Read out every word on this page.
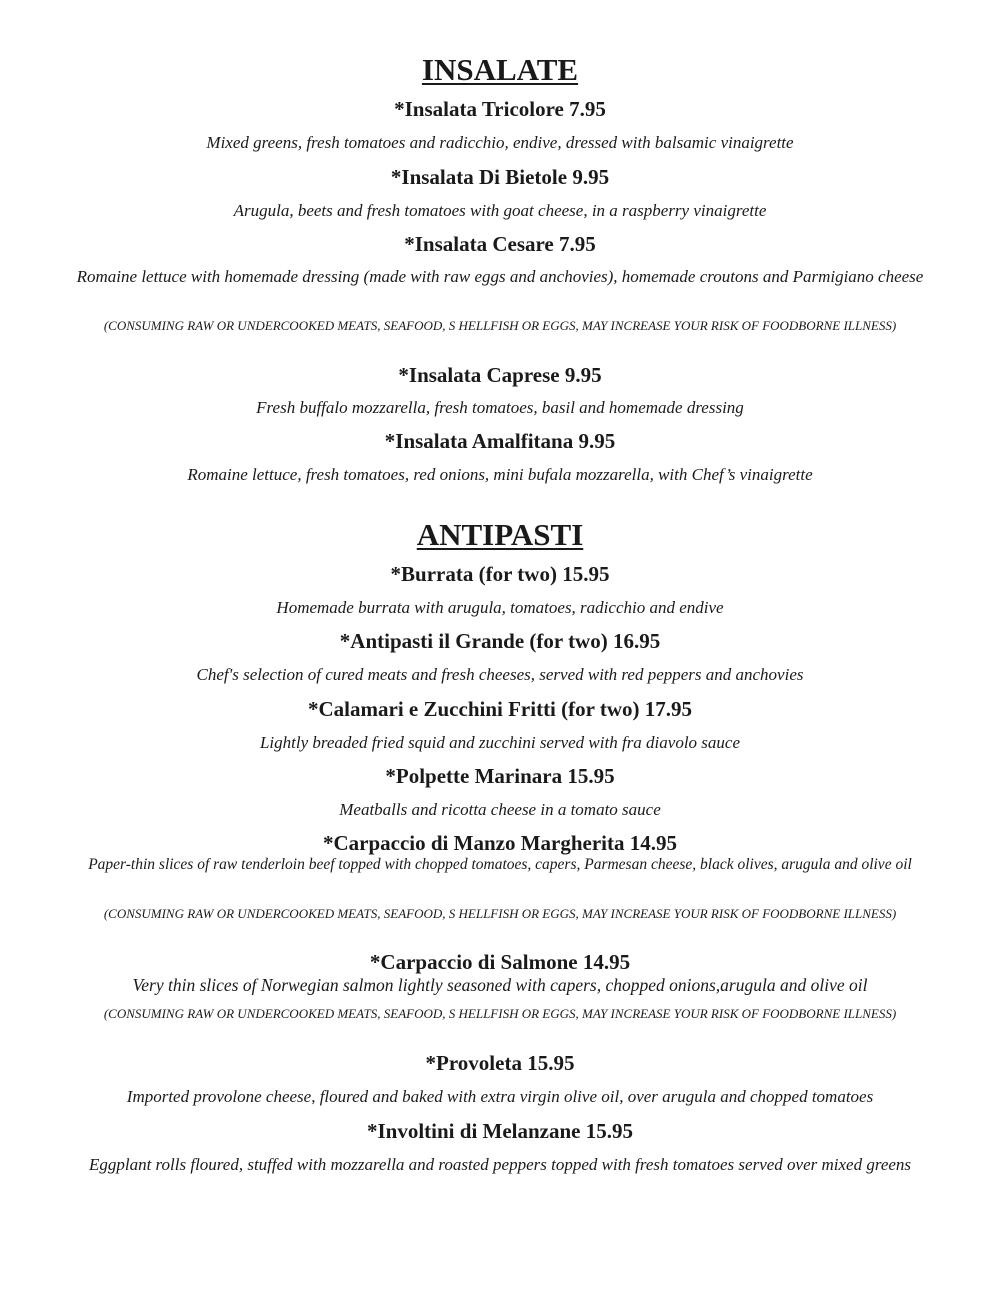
INSALATE
*Insalata Tricolore 7.95
Mixed greens, fresh tomatoes and radicchio, endive, dressed with balsamic vinaigrette
*Insalata Di Bietole 9.95
Arugula, beets and fresh tomatoes with goat cheese, in a raspberry vinaigrette
*Insalata Cesare 7.95
Romaine lettuce with homemade dressing (made with raw eggs and anchovies), homemade croutons and Parmigiano cheese
(CONSUMING RAW OR UNDERCOOKED MEATS, SEAFOOD, S HELLFISH OR EGGS, MAY INCREASE YOUR RISK OF FOODBORNE ILLNESS)
*Insalata Caprese 9.95
Fresh buffalo mozzarella, fresh tomatoes, basil and homemade dressing
*Insalata Amalfitana 9.95
Romaine lettuce, fresh tomatoes, red onions, mini bufala mozzarella, with Chef’s vinaigrette
ANTIPASTI
*Burrata (for two) 15.95
Homemade burrata with arugula, tomatoes, radicchio and endive
*Antipasti il Grande (for two) 16.95
Chef's selection of cured meats and fresh cheeses, served with red peppers and anchovies
*Calamari e Zucchini Fritti (for two) 17.95
Lightly breaded fried squid and zucchini served with fra diavolo sauce
*Polpette Marinara 15.95
Meatballs and ricotta cheese in a tomato sauce
*Carpaccio di Manzo Margherita 14.95
Paper-thin slices of raw tenderloin beef topped with chopped tomatoes, capers, Parmesan cheese, black olives, arugula and olive oil
(CONSUMING RAW OR UNDERCOOKED MEATS, SEAFOOD, S HELLFISH OR EGGS, MAY INCREASE YOUR RISK OF FOODBORNE ILLNESS)
*Carpaccio di Salmone 14.95
Very thin slices of Norwegian salmon lightly seasoned with capers, chopped onions,arugula and olive oil
(CONSUMING RAW OR UNDERCOOKED MEATS, SEAFOOD, S HELLFISH OR EGGS, MAY INCREASE YOUR RISK OF FOODBORNE ILLNESS)
*Provoleta 15.95
Imported provolone cheese, floured and baked with extra virgin olive oil, over arugula and chopped tomatoes
*Involtini di Melanzane 15.95
Eggplant rolls floured, stuffed with mozzarella and roasted peppers topped with fresh tomatoes served over mixed greens
